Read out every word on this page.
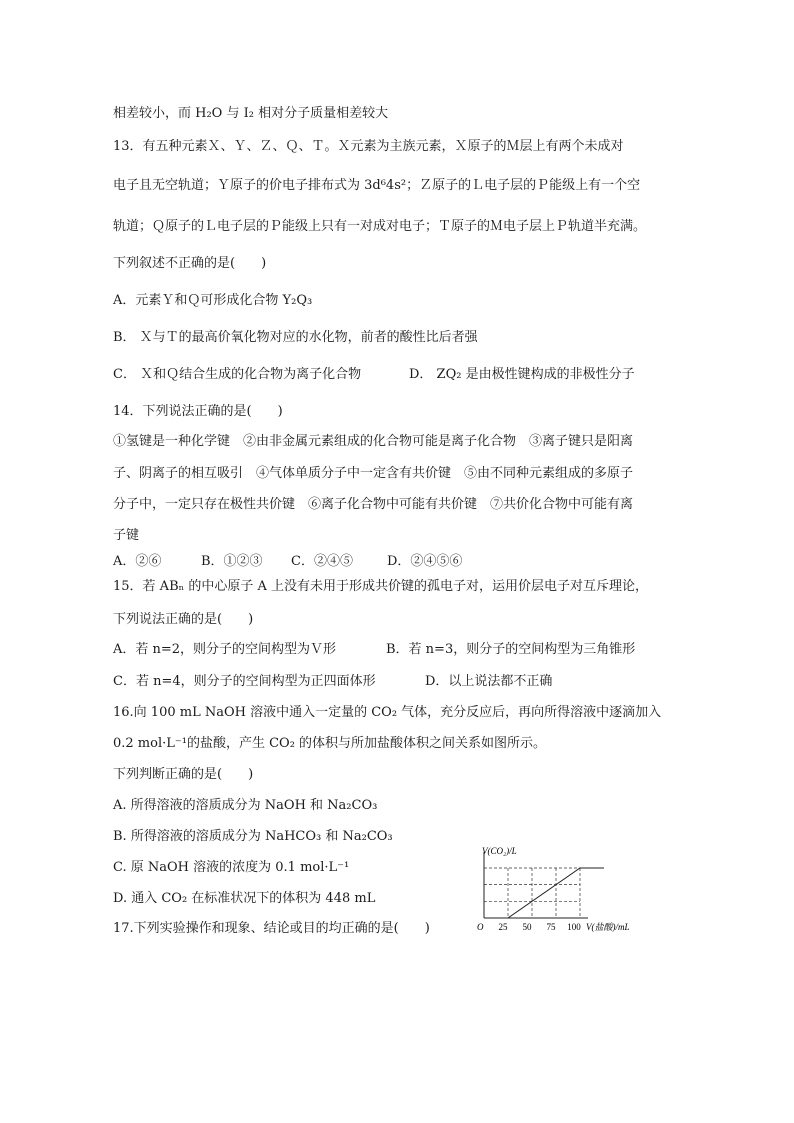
相差较小，而 H₂O 与 I₂ 相对分子质量相差较大
13．有五种元素Ｘ、Ｙ、Ｚ、Ｑ、Ｔ。Ｘ元素为主族元素，Ｘ原子的Ｍ层上有两个未成对
电子且无空轨道；Ｙ原子的价电子排布式为 3d⁶4s²；Ｚ原子的Ｌ电子层的Ｐ能级上有一个空
轨道；Ｑ原子的Ｌ电子层的Ｐ能级上只有一对成对电子；Ｔ原子的Ｍ电子层上Ｐ轨道半充满。
下列叙述不正确的是(　　)
A．元素Ｙ和Ｑ可形成化合物 Y₂Q₃
B． Ｘ与Ｔ的最高价氧化物对应的水化物，前者的酸性比后者强
C． Ｘ和Ｑ结合生成的化合物为离子化合物	D． ZQ₂ 是由极性键构成的非极性分子
14．下列说法正确的是(　　)
①氢键是一种化学键　②由非金属元素组成的化合物可能是离子化合物　③离子键只是阳离
子、阴离子的相互吸引　④气体单质分子中一定含有共价键　⑤由不同种元素组成的多原子
分子中，一定只存在极性共价键　⑥离子化合物中可能有共价键　⑦共价化合物中可能有离
子键
A．②⑥	B．①②③ C．②④⑤	D．②④⑤⑥
15．若 ABₙ 的中心原子 A 上没有未用于形成共价键的孤电子对，运用价层电子对互斥理论，
下列说法正确的是(　　)
A．若 n=2，则分子的空间构型为Ｖ形	B．若 n=3，则分子的空间构型为三角锥形
C．若 n=4，则分子的空间构型为正四面体形	D．以上说法都不正确
16.向 100 mL NaOH 溶液中通入一定量的 CO₂ 气体，充分反应后，再向所得溶液中逐滴加入
0.2 mol·L⁻¹的盐酸，产生 CO₂ 的体积与所加盐酸体积之间关系如图所示。
下列判断正确的是(　　)
A. 所得溶液的溶质成分为 NaOH 和 Na₂CO₃
B. 所得溶液的溶质成分为 NaHCO₃ 和 Na₂CO₃
C. 原 NaOH 溶液的浓度为 0.1 mol·L⁻¹
D. 通入 CO₂ 在标准状况下的体积为 448 mL
17.下列实验操作和现象、结论或目的均正确的是(　　)
V(CO₂)/L
O 25 50 75 100 V(盐酸)/mL
